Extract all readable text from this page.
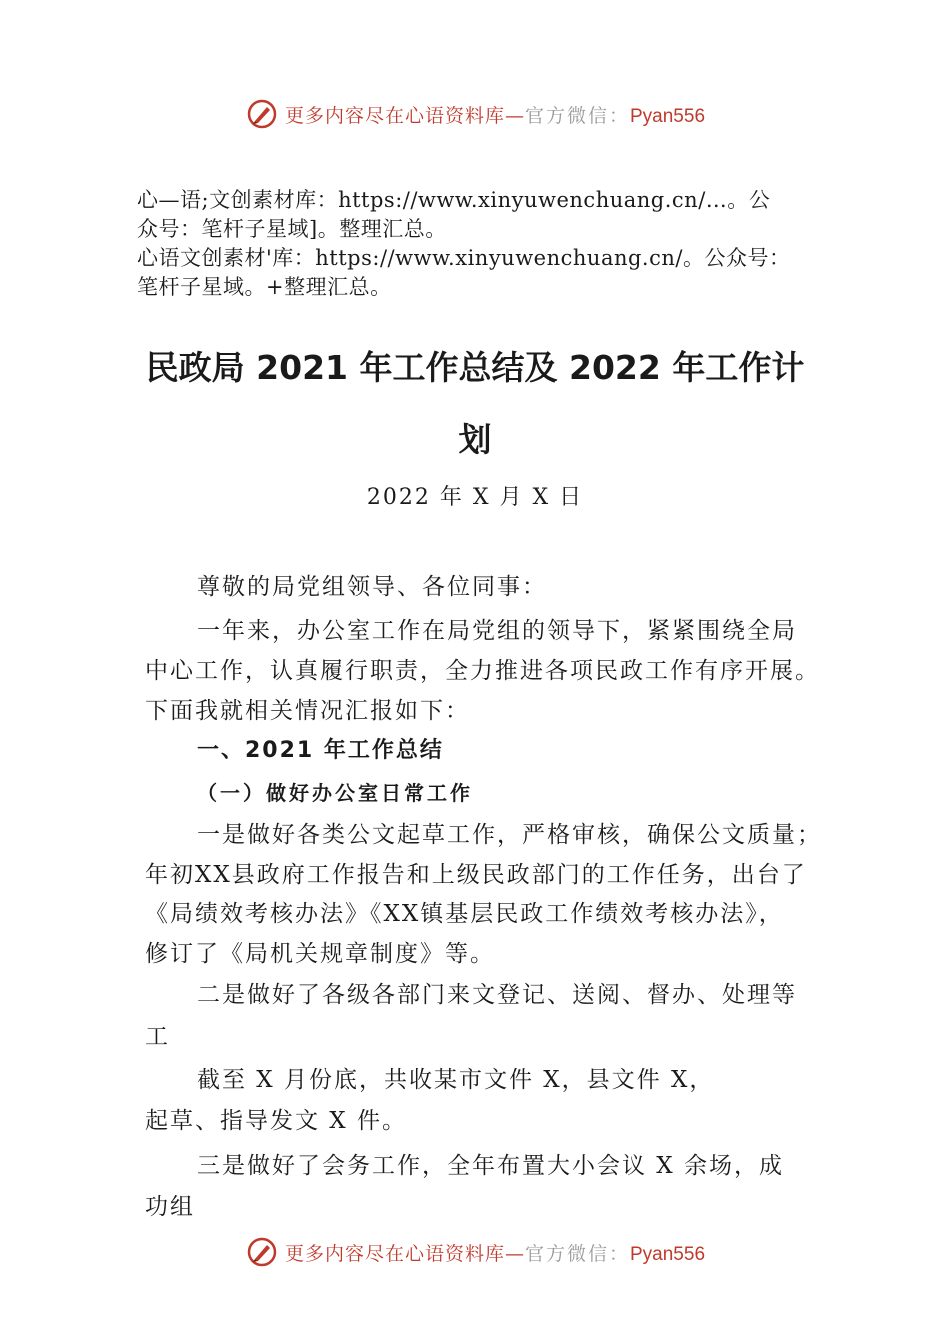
更多内容尽在心语资料库—官方微信：Pyan556

心—语;文创素材库：https://www.xinyuwenchuang.cn/…。公

众号：笔杆子星域]。整理汇总。

心语文创素材'库：https://www.xinyuwenchuang.cn/。公众号：

笔杆子星域。+整理汇总。

民政局 2021 年工作总结及 2022 年工作计
划
2022 年 X 月 X 日

尊敬的局党组领导、各位同事：

一年来，办公室工作在局党组的领导下，紧紧围绕全局

中心工作，认真履行职责，全力推进各项民政工作有序开展。

下面我就相关情况汇报如下：

一、2021 年工作总结

（一）做好办公室日常工作

一是做好各类公文起草工作，严格审核，确保公文质量；

年初XX县政府工作报告和上级民政部门的工作任务，出台了

《局绩效考核办法》《XX镇基层民政工作绩效考核办法》，

修订了《局机关规章制度》等。

二是做好了各级各部门来文登记、送阅、督办、处理等

工

截至 X 月份底，共收某市文件 X，县文件 X，

起草、指导发文 X 件。

三是做好了会务工作，全年布置大小会议 X 余场，成

功组

更多内容尽在心语资料库—官方微信：Pyan556
